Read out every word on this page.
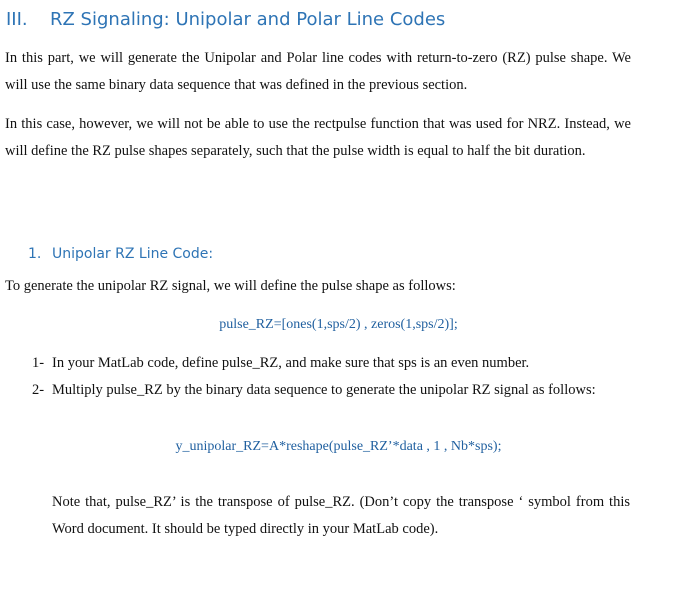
III. RZ Signaling: Unipolar and Polar Line Codes

In this part, we will generate the Unipolar and Polar line codes with return-to-zero (RZ) pulse shape. We will use the same binary data sequence that was defined in the previous section.

In this case, however, we will not be able to use the rectpulse function that was used for NRZ. Instead, we will define the RZ pulse shapes separately, such that the pulse width is equal to half the bit duration.

1. Unipolar RZ Line Code:

To generate the unipolar RZ signal, we will define the pulse shape as follows:

pulse_RZ=[ones(1,sps/2) , zeros(1,sps/2)];
1- In your MatLab code, define pulse_RZ, and make sure that sps is an even number.
2- Multiply pulse_RZ by the binary data sequence to generate the unipolar RZ signal as follows:
y_unipolar_RZ=A*reshape(pulse_RZ’*data , 1 , Nb*sps);

Note that, pulse_RZ’ is the transpose of pulse_RZ. (Don’t copy the transpose ‘ symbol from this Word document. It should be typed directly in your MatLab code).
